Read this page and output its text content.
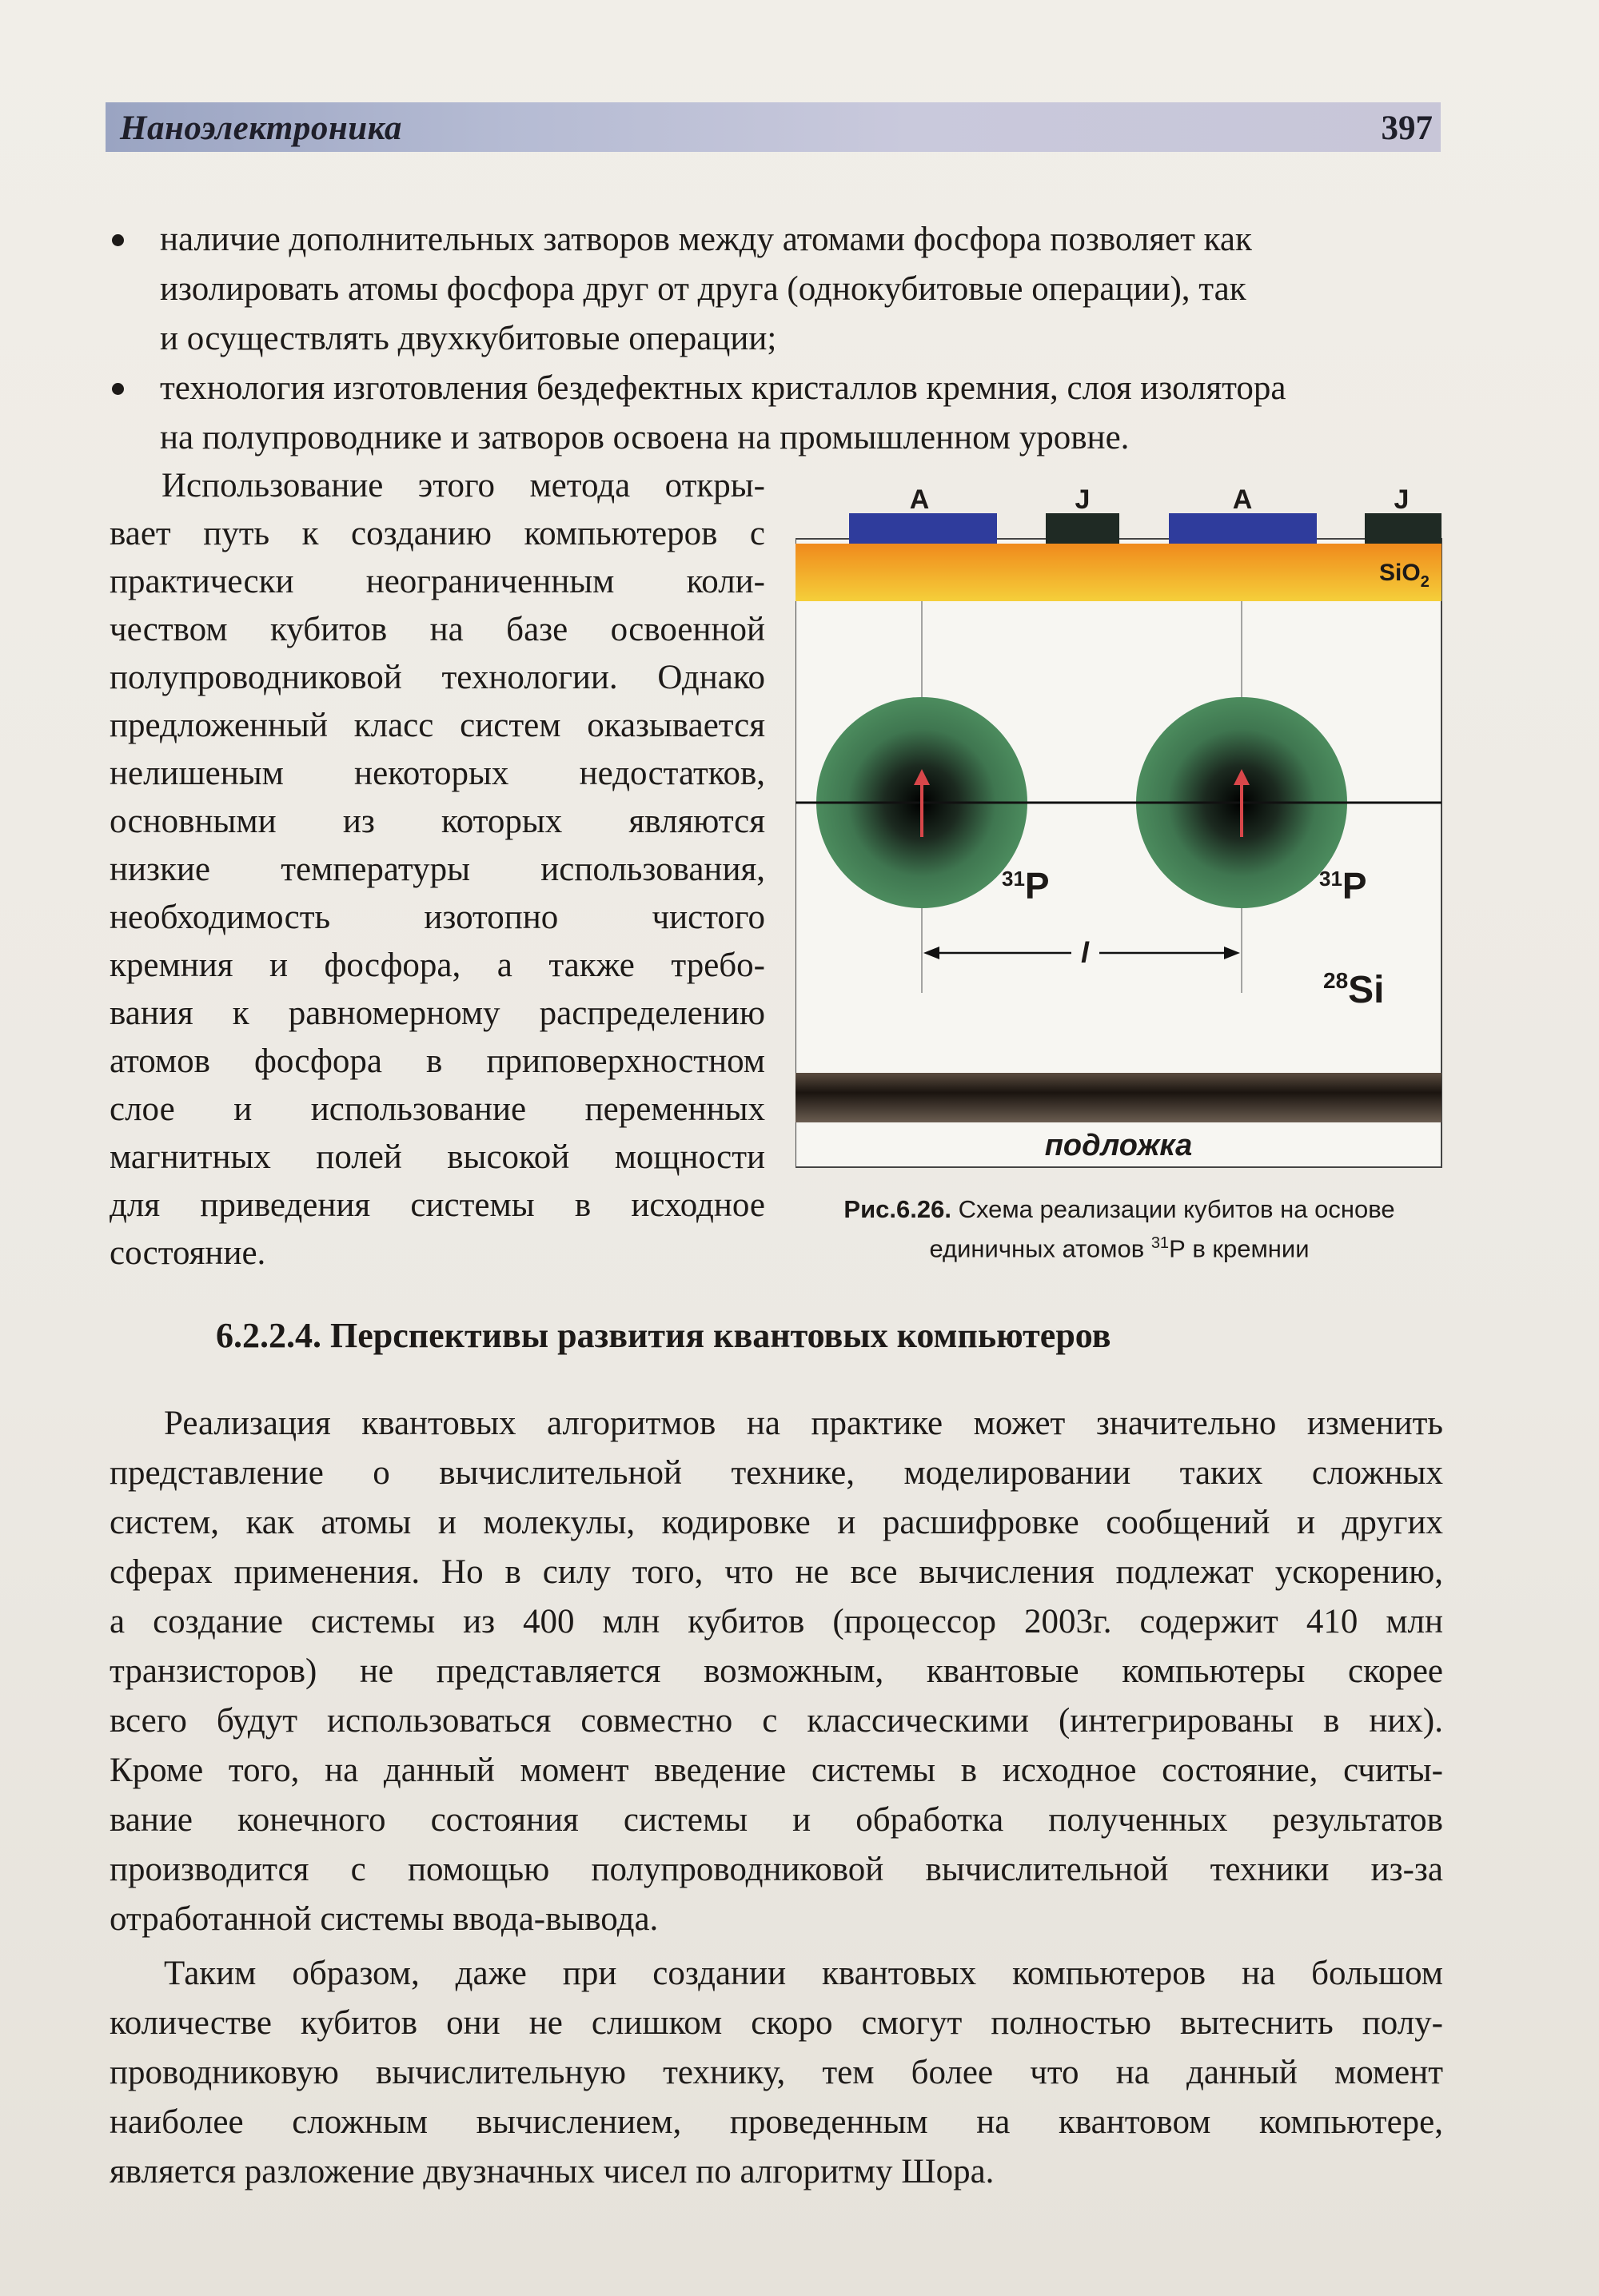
Наноэлектроника	397
наличие дополнительных затворов между атомами фосфора позволяет как
изолировать атомы фосфора друг от друга (однокубитовые операции), так
и осуществлять двухкубитовые операции;
технология изготовления бездефектных кристаллов кремния, слоя изолятора
на полупроводнике и затворов освоена на промышленном уровне.
Использование этого метода откры-
вает путь к созданию компьютеров с
практически неограниченным коли-
чеством кубитов на базе освоенной
полупроводниковой технологии. Однако
предложенный класс систем оказывается
нелишеным некоторых недостатков,
основными из которых являются
низкие температуры использования,
необходимость изотопно чистого
кремния и фосфора, а также требо-
вания к равномерному распределению
атомов фосфора в приповерхностном
слое и использование переменных
магнитных полей высокой мощности
для приведения системы в исходное
состояние.
A	J	A	J
SiO$_2$
$^{31}$P	$^{31}$P
l
$^{28}$Si
подложка
Рис.6.26. Схема реализации кубитов на основе
единичных атомов $^{31}$Р в кремнии
6.2.2.4. Перспективы развития квантовых компьютеров
Реализация квантовых алгоритмов на практике может значительно изменить
представление о вычислительной технике, моделировании таких сложных
систем, как атомы и молекулы, кодировке и расшифровке сообщений и других
сферах применения. Но в силу того, что не все вычисления подлежат ускорению,
а создание системы из 400 млн кубитов (процессор 2003г. содержит 410 млн
транзисторов) не представляется возможным, квантовые компьютеры скорее
всего будут использоваться совместно с классическими (интегрированы в них).
Кроме того, на данный момент введение системы в исходное состояние, считы-
вание конечного состояния системы и обработка полученных результатов
производится с помощью полупроводниковой вычислительной техники из-за
отработанной системы ввода-вывода.
Таким образом, даже при создании квантовых компьютеров на большом
количестве кубитов они не слишком скоро смогут полностью вытеснить полу-
проводниковую вычислительную технику, тем более что на данный момент
наиболее сложным вычислением, проведенным на квантовом компьютере,
является разложение двузначных чисел по алгоритму Шора.
